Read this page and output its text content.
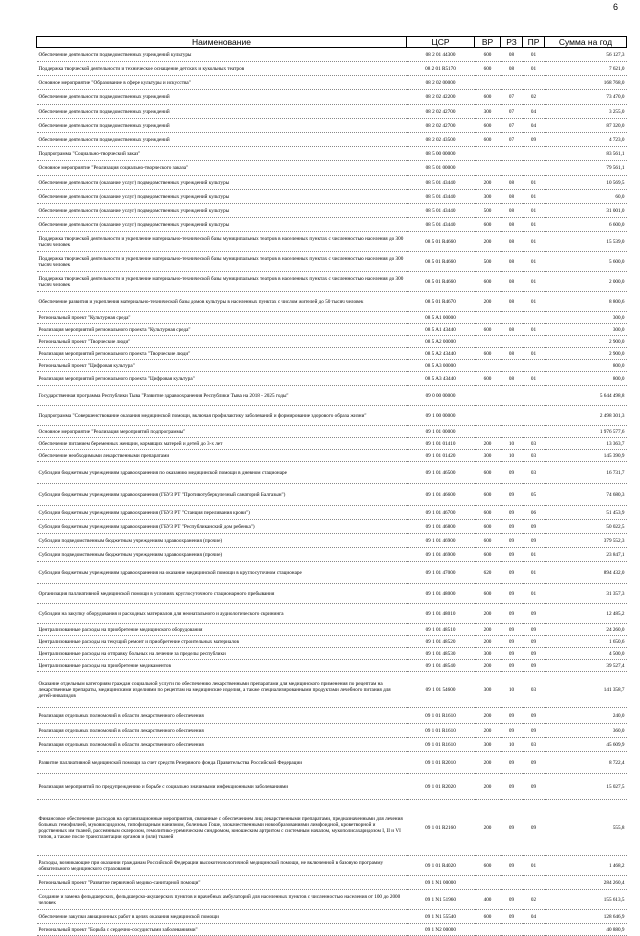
6
Наименование	ЦСР	ВР	РЗ	ПР	Сумма на год
Обеспечение деятельности подведомственных учреждений культуры	08 2 01 44300	600	08	01	56 127,3
Поддержка творческой деятельности и техническое оснащение детских и кукольных театров	08 2 01 R5170	600	08	01	7 621,0
Основное мероприятие "Образование в сфере культуры и искусства"	08 2 02 00000				168 768,0
Обеспечение деятельности подведомственных учреждений	08 2 02 42200	600	07	02	73 470,0
Обеспечение деятельности подведомственных учреждений	08 2 02 42700	300	07	04	3 255,0
Обеспечение деятельности подведомственных учреждений	08 2 02 42700	600	07	04	87 320,0
Обеспечение деятельности подведомственных учреждений	08 2 02 43500	600	07	09	4 723,0
Подпрограмма "Социально-творческий заказ"	08 5 00 00000				83 561,1
Основное мероприятие "Реализация социально-творческого заказа"	08 5 01 00000				79 561,1
Обеспечение деятельности (оказание услуг) подведомственных учреждений культуры	08 5 01 43440	200	08	01	10 569,5
Обеспечение деятельности (оказание услуг) подведомственных учреждений культуры	08 5 01 43440	300	08	01	60,0
Обеспечение деятельности (оказание услуг) подведомственных учреждений культуры	08 5 01 43440	500	08	01	31 001,0
Обеспечение деятельности (оказание услуг) подведомственных учреждений культуры	08 5 01 43440	600	08	01	6 600,0
Поддержка творческой деятельности и укрепление материально-технической базы муниципальных театров в населенных пунктах с численностью населения до 300 тысяч человек	08 5 01 R4660	200	08	01	15 539,0
Поддержка творческой деятельности и укрепление материально-технической базы муниципальных театров в населенных пунктах с численностью населения до 300 тысяч человек	08 5 01 R4660	500	08	01	5 600,0
Поддержка творческой деятельности и укрепление материально-технической базы муниципальных театров в населенных пунктах с численностью населения до 300 тысяч человек	08 5 01 R4660	600	08	01	2 000,0
Обеспечение развития и укрепления материально-технической базы домов культуры в населенных пунктах с числом жителей до 50 тысяч человек	08 5 01 R4670	200	08	01	8 800,6
Региональный проект "Культурная среда"	08 5 A1 00000				300,0
Реализация мероприятий регионального проекта "Культурная среда"	08 5 A1 43440	600	08	01	300,0
Региональный проект "Творческие люди"	08 5 A2 00000				2 900,0
Реализация мероприятий регионального проекта "Творческие люди"	08 5 A2 43440	600	08	01	2 900,0
Региональный проект "Цифровая культура"	08 5 A3 00000				800,0
Реализация мероприятий регионального проекта "Цифровая культура"	08 5 A3 43440	600	08	01	800,0
Государственная программа Республики Тыва "Развитие здравоохранения Республики Тыва на 2018 - 2025 годы"	09 0 00 00000				5 644 498,8
Подпрограмма "Совершенствование оказания медицинской помощи, включая профилактику заболеваний и формирование здорового образа жизни"	09 1 00 00000				2 498 301,3
Основное мероприятие "Реализация мероприятий подпрограммы"	09 1 01 00000				1 976 577,6
Обеспечение питанием беременных женщин, кормящих матерей и детей до 3-х лет	09 1 01 01410	200	10	03	13 363,7
Обеспечение необходимыми лекарственными препаратами	09 1 01 01420	300	10	03	145 390,9
Субсидии бюджетным учреждениям здравоохранения по оказанию медицинской помощи в дневном стационаре	09 1 01 46500	600	09	03	16 731,7
Субсидии бюджетным учреждениям здравоохранения (ГБУЗ РТ "Противотуберкулезный санаторий Балгазын")	09 1 01 46600	600	09	05	74 680,3
Субсидии бюджетным учреждениям здравоохранения (ГБУЗ РТ "Станция переливания крови")	09 1 01 46700	600	09	06	51 453,9
Субсидии бюджетным учреждениям здравоохранения (ГБУЗ РТ "Республиканский дом ребенка")	09 1 01 46800	600	09	09	50 022,5
Субсидии подведомственным бюджетным учреждениям здравоохранения (прочие)	09 1 01 46900	600	09	09	379 552,3
Субсидии подведомственным бюджетным учреждениям здравоохранения (прочие)	09 1 01 46900	600	09	01	23 847,1
Субсидии бюджетным учреждениям здравоохранения на оказание медицинской помощи в круглосуточном стационаре	09 1 01 47000	620	09	01	894 432,0
Организация паллиативной медицинской помощи в условиях круглосуточного стационарного пребывания	09 1 01 48000	600	09	01	31 357,3
Субсидии на закупку оборудования и расходных материалов для неонатального и аудиологического скрининга	09 1 01 48010	200	09	09	12 485,2
Централизованные расходы на приобретение медицинского оборудования	09 1 01 48510	200	09	09	24 260,0
Централизованные расходы на текущий ремонт и приобретение строительных материалов	09 1 01 48520	200	09	09	1 650,6
Централизованные расходы на отправку больных на лечение за пределы республики	09 1 01 48530	300	09	09	4 500,0
Централизованные расходы на приобретение медикаментов	09 1 01 48540	200	09	09	39 527,4
Оказание отдельным категориям граждан социальной услуги по обеспечению лекарственными препаратами для медицинского применения по рецептам на лекарственные препараты, медицинскими изделиями по рецептам на медицинские изделия, а также специализированными продуктами лечебного питания для детей-инвалидов	09 1 01 54600	300	10	03	141 358,7
Реализация отдельных полномочий в области лекарственного обеспечения	09 1 01 R1610	200	09	09	240,0
Реализация отдельных полномочий в области лекарственного обеспечения	09 1 01 R1610	200	09	09	360,0
Реализация отдельных полномочий в области лекарственного обеспечения	09 1 01 R1610	300	10	03	45 609,9
Развитие паллиативной медицинской помощи за счет средств Резервного фонда Правительства Российской Федерации	09 1 01 R2010	200	09	09	8 722,4
Реализация мероприятий по предупреждению и борьбе с социально значимыми инфекционными заболеваниями	09 1 01 R2020	200	09	09	15 027,5
Финансовое обеспечение расходов на организационные мероприятия, связанные с обеспечением лиц лекарственными препаратами, предназначенными для лечения больных гемофилией, муковисцидозом, гипофизарным нанизмом, болезнью Гоше, злокачественными новообразованиями лимфоидной, кроветворной и родственных им тканей, рассеянным склерозом, гемолитико-уремическим синдромом, юношеским артритом с системным началом, мукополисахаридозом I, II и VI типов, а также после трансплантации органов и (или) тканей	09 1 01 R2160	200	09	09	555,8
Расходы, возникающие при оказании гражданам Российской Федерации высокотехнологичной медицинской помощи, не включенной в базовую программу обязательного медицинского страхования	09 1 01 R4020	600	09	01	1 468,2
Региональный проект "Развитие первичной медико-санитарной помощи"	09 1 N1 00000				284 260,4
Создание и замена фельдшерских, фельдшерско-акушерских пунктов и врачебных амбулаторий для населенных пунктов с численностью населения от 100 до 2000 человек	09 1 N1 51960	400	09	02	155 613,5
Обеспечение закупки авиационных работ в целях оказания медицинской помощи	09 1 N1 55540	600	09	04	128 646,9
Региональный проект "Борьба с сердечно-сосудистыми заболеваниями"	09 1 N2 00000				40 880,9
